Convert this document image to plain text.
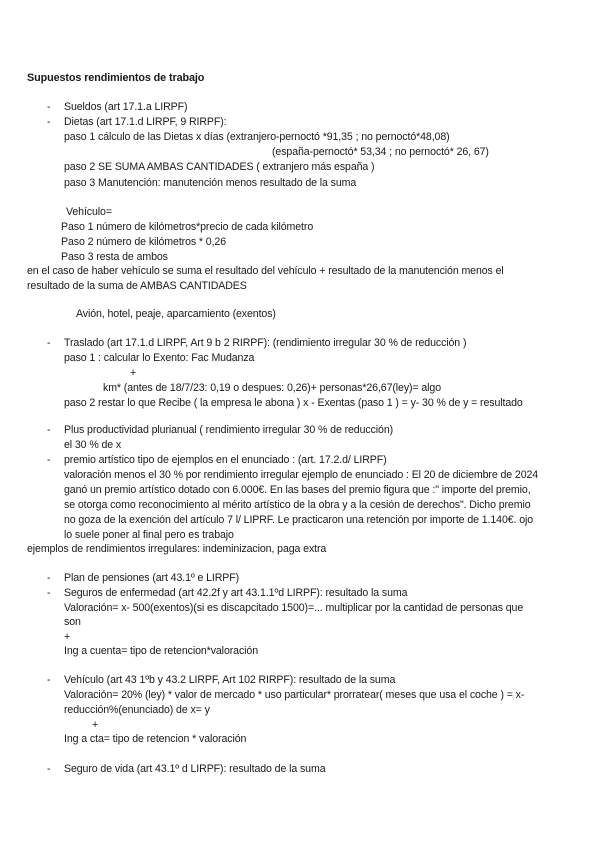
Supuestos rendimientos de trabajo
- Sueldos (art 17.1.a LIRPF)
- Dietas (art 17.1.d LIRPF, 9 RIRPF):
paso 1 cálculo de las Dietas x días (extranjero-pernoctó *91,35 ; no pernoctó*48,08)
(españa-pernoctó* 53,34 ; no pernoctó* 26, 67)
paso 2 SE SUMA AMBAS CANTIDADES ( extranjero más españa )
paso 3 Manutención: manutención menos resultado de la suma
Vehículo=
Paso 1 número de kilómetros*precio de cada kilómetro
Paso 2 número de kilómetros * 0,26
Paso 3 resta de ambos
en el caso de haber vehículo se suma el resultado del vehículo + resultado de la manutención menos el
resultado de la suma de AMBAS CANTIDADES
Avión, hotel, peaje, aparcamiento (exentos)
- Traslado (art 17.1.d LIRPF, Art 9 b 2 RIRPF): (rendimiento irregular 30 % de reducción )
paso 1 : calcular lo Exento: Fac Mudanza
+
km* (antes de 18/7/23: 0,19 o despues: 0,26)+ personas*26,67(ley)= algo
paso 2 restar lo que Recibe ( la empresa le abona ) x - Exentas (paso 1 ) = y- 30 % de y = resultado
- Plus productividad plurianual ( rendimiento irregular 30 % de reducción)
el 30 % de x
- premio artístico tipo de ejemplos en el enunciado : (art. 17.2.d/ LIRPF)
valoración menos el 30 % por rendimiento irregular ejemplo de enunciado : El 20 de diciembre de 2024
ganó un premio artístico dotado con 6.000€. En las bases del premio figura que :" importe del premio,
se otorga como reconocimiento al mérito artístico de la obra y a la cesión de derechos". Dicho premio
no goza de la exención del artículo 7 l/ LIPRF. Le practicaron una retención por importe de 1.140€. ojo
lo suele poner al final pero es trabajo
ejemplos de rendimientos irregulares: indeminizacion, paga extra
- Plan de pensiones (art 43.1º e LIRPF)
- Seguros de enfermedad (art 42.2f y art 43.1.1ºd LIRPF): resultado la suma
Valoración= x- 500(exentos)(si es discapcitado 1500)=... multiplicar por la cantidad de personas que
son
+
Ing a cuenta= tipo de retencion*valoración
- Vehículo (art 43 1ºb y 43.2 LIRPF, Art 102 RIRPF): resultado de la suma
Valoración= 20% (ley) * valor de mercado * uso particular* prorratear( meses que usa el coche ) = x-
reducción%(enunciado) de x= y
+
Ing a cta= tipo de retencion * valoración
- Seguro de vida (art 43.1º d LIRPF): resultado de la suma
